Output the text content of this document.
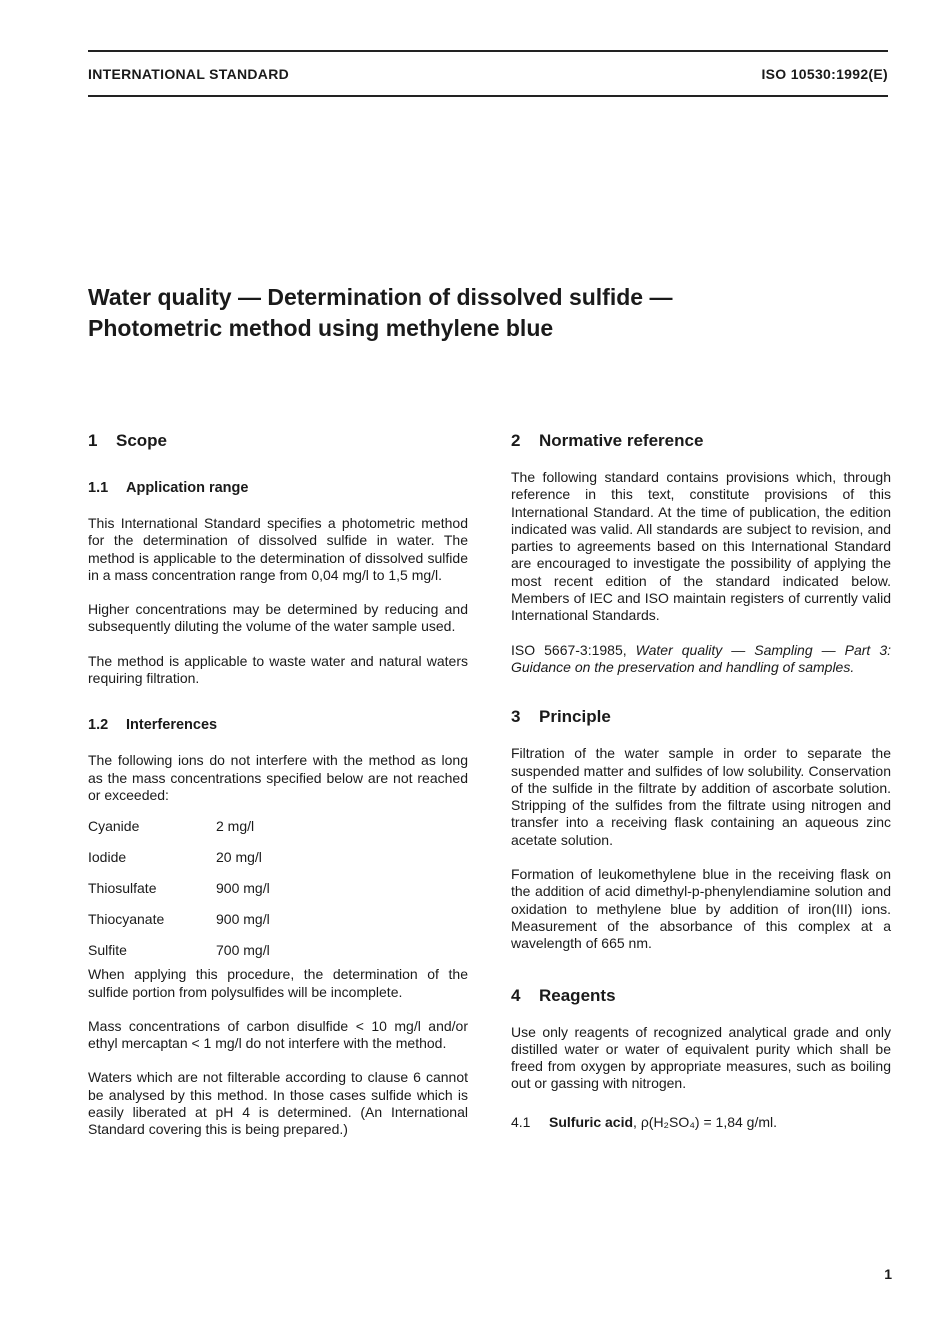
INTERNATIONAL STANDARD	ISO 10530:1992(E)
Water quality — Determination of dissolved sulfide —
Photometric method using methylene blue
1 Scope
1.1 Application range

This International Standard specifies a photometric method for the determination of dissolved sulfide in water. The method is applicable to the determination of dissolved sulfide in a mass concentration range from 0,04 mg/l to 1,5 mg/l.

Higher concentrations may be determined by reducing and subsequently diluting the volume of the water sample used.

The method is applicable to waste water and natural waters requiring filtration.

1.2 Interferences

The following ions do not interfere with the method as long as the mass concentrations specified below are not reached or exceeded:

Cyanide	2 mg/l
Iodide	20 mg/l
Thiosulfate	900 mg/l
Thiocyanate	900 mg/l
Sulfite	700 mg/l

When applying this procedure, the determination of the sulfide portion from polysulfides will be incomplete.

Mass concentrations of carbon disulfide < 10 mg/l and/or ethyl mercaptan < 1 mg/l do not interfere with the method.

Waters which are not filterable according to clause 6 cannot be analysed by this method. In those cases sulfide which is easily liberated at pH 4 is determined. (An International Standard covering this is being prepared.)

2 Normative reference

The following standard contains provisions which, through reference in this text, constitute provisions of this International Standard. At the time of publication, the edition indicated was valid. All standards are subject to revision, and parties to agreements based on this International Standard are encouraged to investigate the possibility of applying the most recent edition of the standard indicated below. Members of IEC and ISO maintain registers of currently valid International Standards.

ISO 5667-3:1985, Water quality — Sampling — Part 3: Guidance on the preservation and handling of samples.

3 Principle

Filtration of the water sample in order to separate the suspended matter and sulfides of low solubility. Conservation of the sulfide in the filtrate by addition of ascorbate solution. Stripping of the sulfides from the filtrate using nitrogen and transfer into a receiving flask containing an aqueous zinc acetate solution.

Formation of leukomethylene blue in the receiving flask on the addition of acid dimethyl-p-phenylendiamine solution and oxidation to methylene blue by addition of iron(III) ions. Measurement of the absorbance of this complex at a wavelength of 665 nm.

4 Reagents

Use only reagents of recognized analytical grade and only distilled water or water of equivalent purity which shall be freed from oxygen by appropriate measures, such as boiling out or gassing with nitrogen.

4.1 Sulfuric acid, ρ(H₂SO₄) = 1,84 g/ml.

1
